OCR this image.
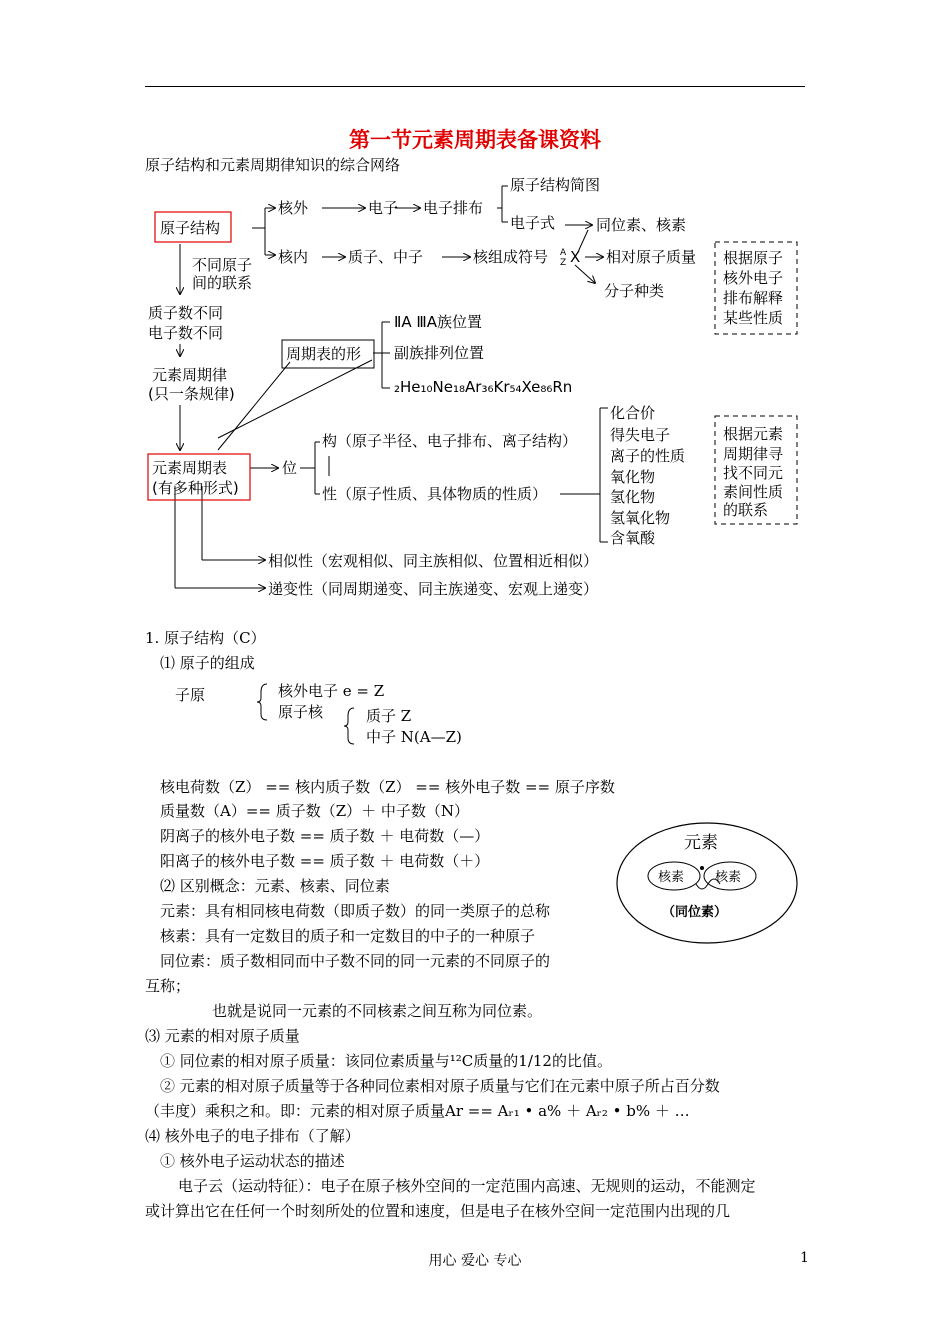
第一节元素周期表备课资料
原子结构和元素周期律知识的综合网络
原子结构
核外	电子 电子排布
原子结构简图
电子式	同位素、核素
核内	质子、中子	核组成符号 A
Z X 相对原子质量
分子种类
不同原子
间的联系
质子数不同
电子数不同
元素周期律
(只一条规律)
周期表的形
ⅡA ⅢA族位置
副族排列位置
₂He₁₀Ne₁₈Ar₃₆Kr₅₄Xe₈₆Rn
元素周期表
(有多种形式)
位
构（原子半径、电子排布、离子结构）
性（原子性质、具体物质的性质）
化合价
得失电子
离子的性质
氧化物
氢化物
氢氧化物
含氧酸
相似性（宏观相似、同主族相似、位置相近相似）
递变性（同周期递变、同主族递变、宏观上递变）
根据原子
核外电子
排布解释
某些性质
根据元素
周期律寻
找不同元
素间性质
的联系
1. 原子结构（C）
⑴ 原子的组成
子原	核外电子 e = Z
原子核	质子 Z
中子 N(A—Z)
核电荷数（Z） == 核内质子数（Z） == 核外电子数 == 原子序数
质量数（A）== 质子数（Z）＋ 中子数（N）
阴离子的核外电子数 == 质子数 ＋ 电荷数（—）
阳离子的核外电子数 == 质子数 ＋ 电荷数（＋）
⑵ 区别概念：元素、核素、同位素
元素：具有相同核电荷数（即质子数）的同一类原子的总称
核素：具有一定数目的质子和一定数目的中子的一种原子
同位素：质子数相同而中子数不同的同一元素的不同原子的
互称；
也就是说同一元素的不同核素之间互称为同位素。
⑶ 元素的相对原子质量
① 同位素的相对原子质量：该同位素质量与¹²C质量的1/12的比值。
② 元素的相对原子质量等于各种同位素相对原子质量与它们在元素中原子所占百分数
（丰度）乘积之和。即：元素的相对原子质量Ar == Aᵣ₁ • a% ＋ Aᵣ₂ • b% ＋ …
⑷ 核外电子的电子排布（了解）
① 核外电子运动状态的描述
电子云（运动特征）：电子在原子核外空间的一定范围内高速、无规则的运动，不能测定
或计算出它在任何一个时刻所处的位置和速度，但是电子在核外空间一定范围内出现的几
元素
核素 核素
（同位素）
用心 爱心 专心	1
